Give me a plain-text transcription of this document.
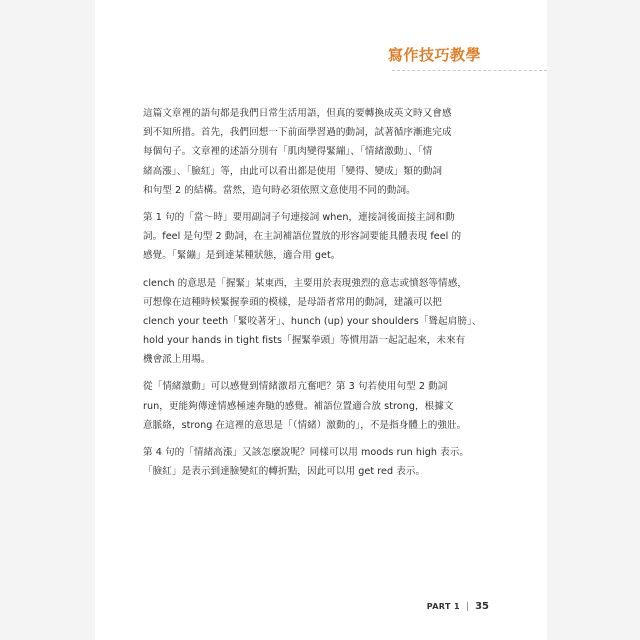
寫作技巧教學

這篇文章裡的語句都是我們日常生活用語，但真的要轉換成英文時又會感
到不知所措。首先，我們回想一下前面學習過的動詞，試著循序漸進完成
每個句子。文章裡的述語分別有「肌肉變得緊繃」、「情緒激動」、「情
緒高漲」、「臉紅」等，由此可以看出都是使用「變得、變成」類的動詞
和句型 2 的結構。當然，造句時必須依照文意使用不同的動詞。

第 1 句的「當～時」要用副詞子句連接詞 when，連接詞後面接主詞和動
詞。feel 是句型 2 動詞，在主詞補語位置放的形容詞要能具體表現 feel 的
感覺。「緊繃」是到達某種狀態，適合用 get。

clench 的意思是「握緊」某東西，主要用於表現強烈的意志或憤怒等情感，
可想像在這種時候緊握拳頭的模樣，是母語者常用的動詞，建議可以把
clench your teeth「緊咬著牙」、hunch (up) your shoulders「聳起肩膀」、
hold your hands in tight fists「握緊拳頭」等慣用語一起記起來，未來有
機會派上用場。

從「情緒激動」可以感覺到情緒激昂亢奮吧？第 3 句若使用句型 2 動詞
run，更能夠傳達情感極速奔馳的感覺。補語位置適合放 strong，根據文
意脈絡，strong 在這裡的意思是「（情緒）激動的」，不是指身體上的強壯。

第 4 句的「情緒高漲」又該怎麼說呢？同樣可以用 moods run high 表示。
「臉紅」是表示到達臉變紅的轉折點，因此可以用 get red 表示。

PART 1 | 35
